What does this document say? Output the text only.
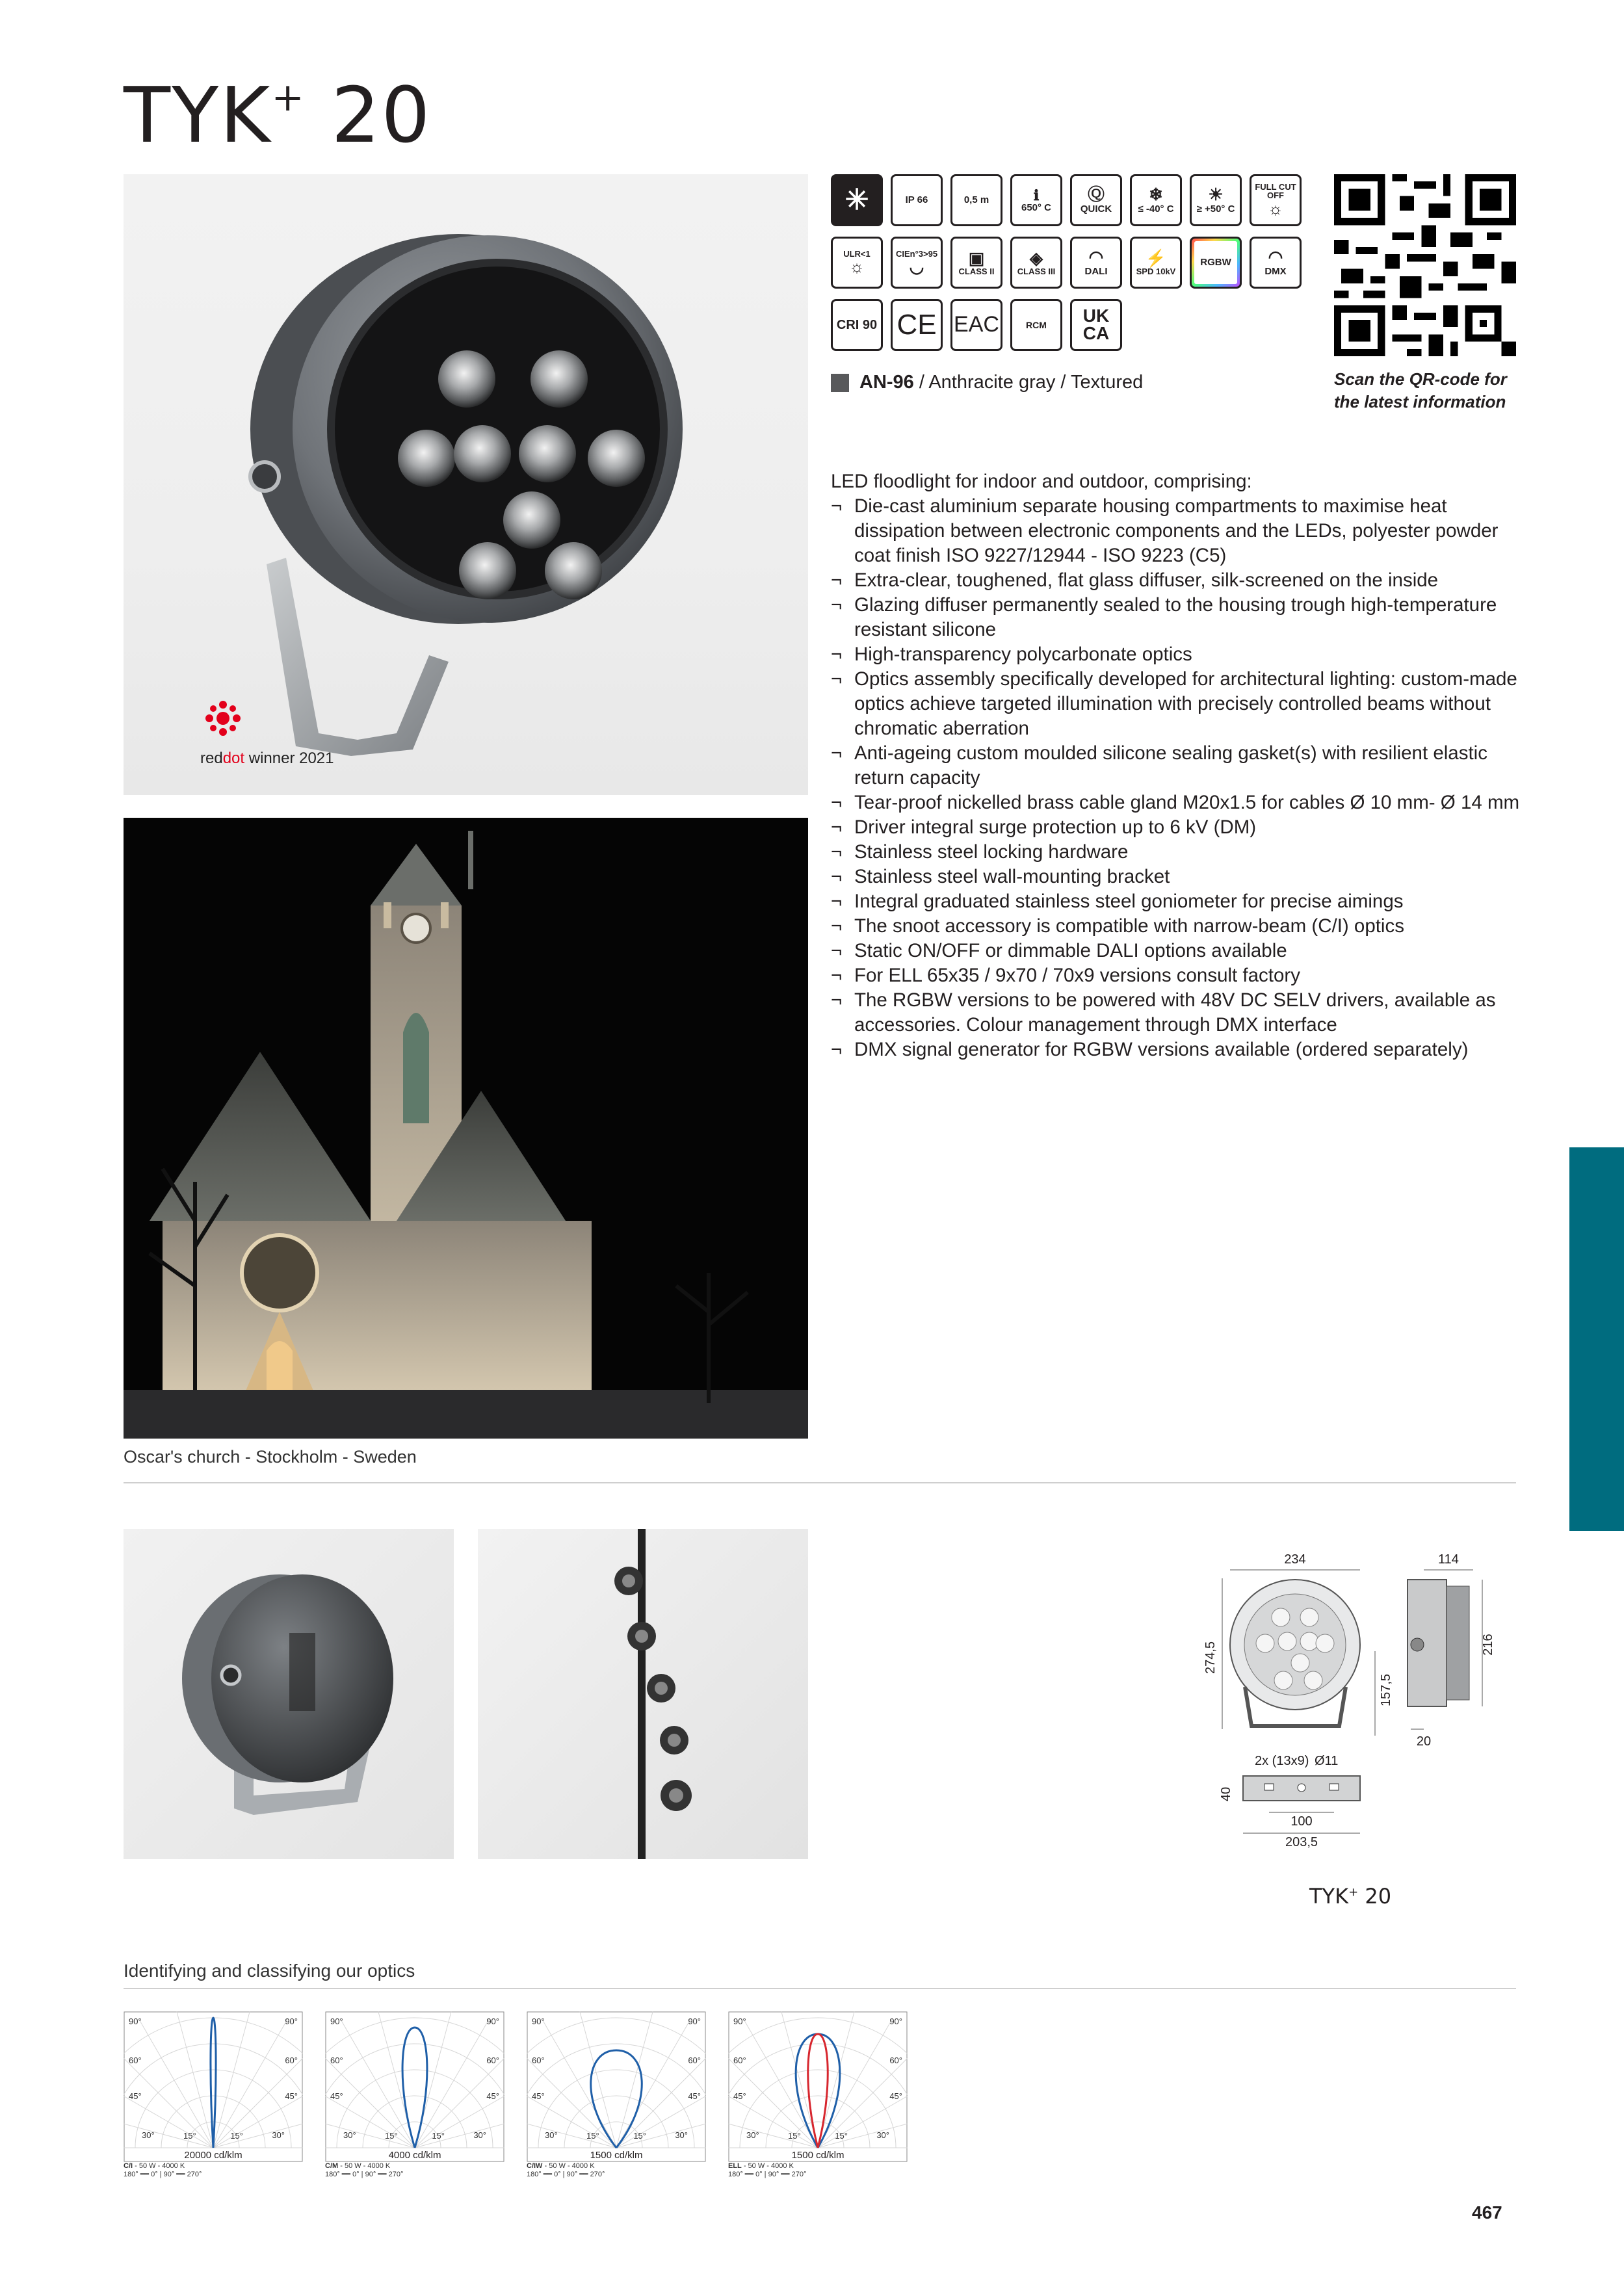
TYK+ 20
reddot winner 2021
Oscar's church - Stockholm - Sweden
✳	IP 66	0,5 m	ℹ
650° C
Ⓠ
QUICK
❄
≤ -40° C
☀
≥ +50° C
FULL CUT OFF
☼
ULR<1
☼
CIEn°3>95
◡	▣
CLASS II
◈
CLASS III
◠
DALI
⚡
SPD 10kV
RGBW ◠
DMX
CRI 90 CE EAC	RCM	UK CA
Scan the QR-code for the latest information
AN-96 / Anthracite gray / Textured

LED floodlight for indoor and outdoor, comprising:

¬ Die-cast aluminium separate housing compartments to maximise heat dissipation between electronic components and the LEDs, polyester powder coat finish ISO 9227/12944 - ISO 9223 (C5)
¬ Extra-clear, toughened, flat glass diffuser, silk-screened on the inside
¬ Glazing diffuser permanently sealed to the housing trough high-temperature resistant silicone
¬ High-transparency polycarbonate optics
¬ Optics assembly specifically developed for architectural lighting: custom-made optics achieve targeted illumination with precisely controlled beams without chromatic aberration
¬ Anti-ageing custom moulded silicone sealing gasket(s) with resilient elastic return capacity
¬ Tear-proof nickelled brass cable gland M20x1.5 for cables Ø 10 mm- Ø 14 mm
¬ Driver integral surge protection up to 6 kV (DM)
¬ Stainless steel locking hardware
¬ Stainless steel wall-mounting bracket
¬ Integral graduated stainless steel goniometer for precise aimings
¬ The snoot accessory is compatible with narrow-beam (C/I) optics
¬ Static ON/OFF or dimmable DALI options available
¬ For ELL 65x35 / 9x70 / 70x9 versions consult factory
¬ The RGBW versions to be powered with 48V DC SELV drivers, available as accessories. Colour management through DMX interface
¬ DMX signal generator for RGBW versions available (ordered separately)
234	114
274,5
157,5
216
20
2x (13x9) Ø11
40
100
203,5
TYK+ 20
Identifying and classifying our optics
90°	90°
60°	60°
45°	45°
30°	30°
15°	15°
20000 cd/klm
90°	90°
60°	60°
45°	45°
30°	30°
15°	15°
4000 cd/klm
90°	90°
60°	60°
45°	45°
30°	30°
15°	15°
1500 cd/klm
90°	90°
60°	60°
45°	45°
30°	30°
15°	15°
1500 cd/klm
C/I - 50 W - 4000 K
180° ━━ 0° | 90° ━━ 270°
C/M - 50 W - 4000 K
180° ━━ 0° | 90° ━━ 270°
C/IW - 50 W - 4000 K
180° ━━ 0° | 90° ━━ 270°
ELL - 50 W - 4000 K
180° ━━ 0° | 90° ━━ 270°
467
